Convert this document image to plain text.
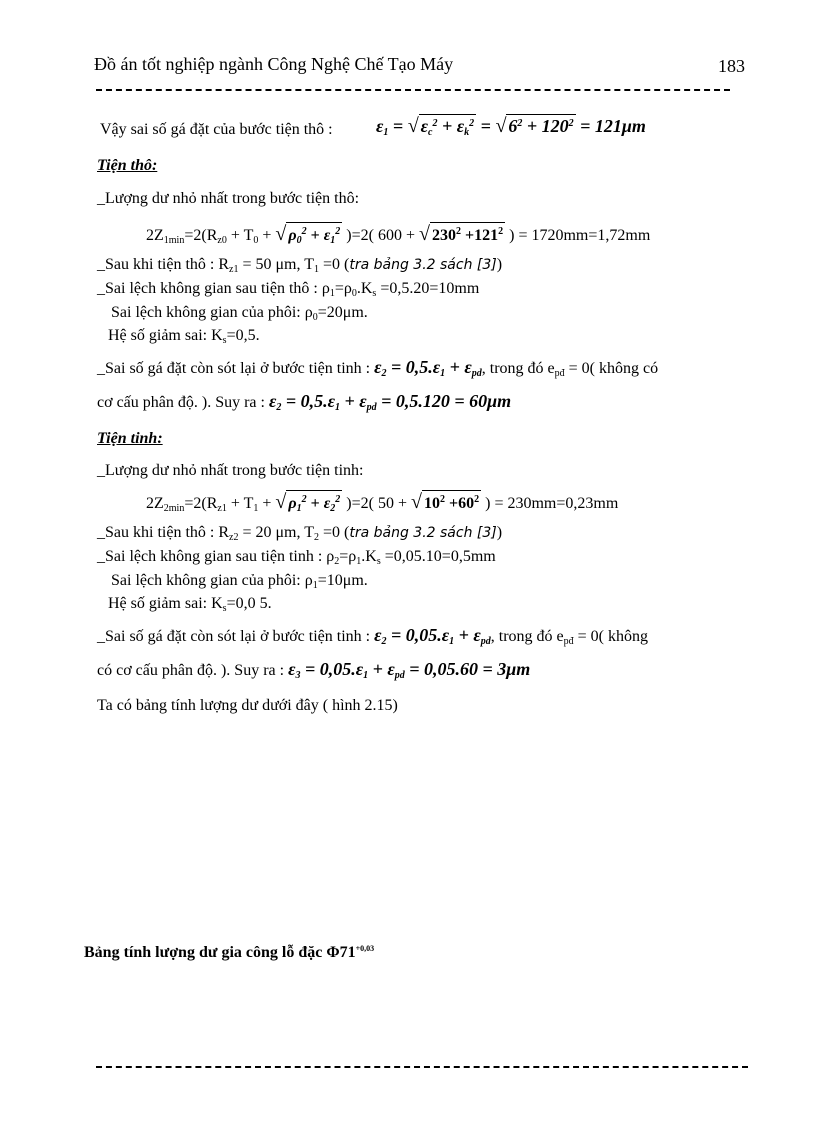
Đồ án tốt nghiệp ngành Công Nghệ Chế Tạo Máy	183
Vậy sai số gá đặt của bước tiện thô : $\varepsilon_1$ = √ $\varepsilon_c^2 + \varepsilon_k^2$ = √ $6^2 + 120^2 = 121\mu m$
Tiện thô:
_Lượng dư nhỏ nhất trong bước tiện thô:
$2Z_{1min}=2(R_{z0} + T_0$ + √ $\rho_0^2 + \varepsilon_1^2$ )=2( 600 + √ $230^2 +121^2$ ) = 1720mm=1,72mm
_Sau khi tiện thô : $R_{z1} = 50$ μm, $T_1 =0$ (tra bảng 3.2 sách [3])
_Sai lệch không gian sau tiện thô : $\rho_1=\rho_0.K_s =0,5.20=10mm$
Sai lệch không gian của phôi: $\rho_0=20\mu m$.
Hệ số giảm sai: $K_s=0,5$.
_Sai số gá đặt còn sót lại ở bước tiện tinh : $\varepsilon_2 = 0,5.\varepsilon_1 + \varepsilon_{pd}$, trong đó $e_{pđ} = 0$( không có
cơ cấu phân độ. ). Suy ra : $\varepsilon_2 = 0,5.\varepsilon_1 + \varepsilon_{pd} = 0,5.120 = 60\mu m$
Tiện tinh:
_Lượng dư nhỏ nhất trong bước tiện tinh:
$2Z_{2min}=2(R_{z1} + T_1$ + √ $\rho_1^2 + \varepsilon_2^2$ )=2( 50 + √ $10^2 +60^2$ ) = 230mm=0,23mm
_Sau khi tiện thô : $R_{z2} = 20$ μm, $T_2 =0$ (tra bảng 3.2 sách [3])
_Sai lệch không gian sau tiện tinh : $\rho_2=\rho_1.K_s =0,05.10=0,5mm$
Sai lệch không gian của phôi: $\rho_1=10\mu m$.
Hệ số giảm sai: $K_s=0,0$ 5.
_Sai số gá đặt còn sót lại ở bước tiện tinh : $\varepsilon_2 = 0,05.\varepsilon_1 + \varepsilon_{pd}$, trong đó $e_{pđ} = 0$( không
có cơ cấu phân độ. ). Suy ra : $\varepsilon_3 = 0,05.\varepsilon_1 + \varepsilon_{pd} = 0,05.60 = 3\mu m$
Ta có bảng tính lượng dư dưới đây ( hình 2.15)
Bảng tính lượng dư gia công lỗ đặc $\Phi 71^{+0,03}$
